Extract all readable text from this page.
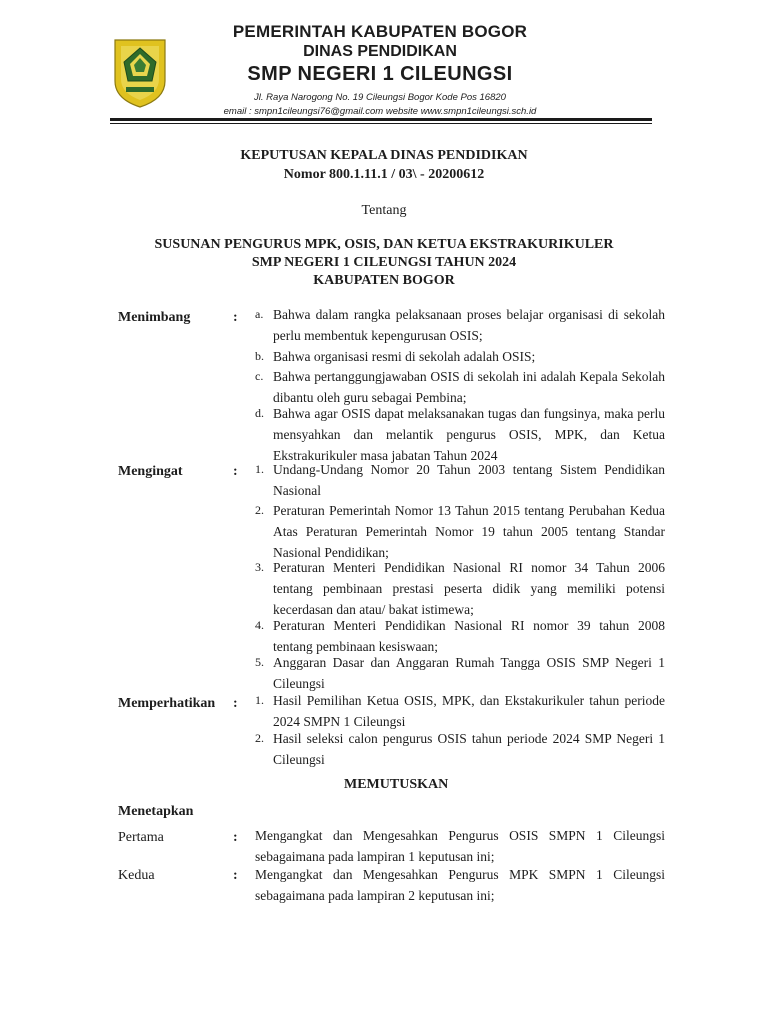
PEMERINTAH KABUPATEN BOGOR
DINAS PENDIDIKAN
SMP NEGERI 1 CILEUNGSI
Jl. Raya Narogong No. 19 Cileungsi Bogor Kode Pos 16820
email : smpn1cileungsi76@gmail.com website www.smpn1cileungsi.sch.id
KEPUTUSAN KEPALA DINAS PENDIDIKAN
Nomor 800.1.11.1 / 03\ - 20200612
Tentang
SUSUNAN PENGURUS MPK, OSIS, DAN KETUA EKSTRAKURIKULER
SMP NEGERI 1 CILEUNGSI TAHUN 2024
KABUPATEN BOGOR
Menimbang	: a. Bahwa dalam rangka pelaksanaan proses belajar organisasi di sekolah perlu membentuk kepengurusan OSIS;
b. Bahwa organisasi resmi di sekolah adalah OSIS;
c. Bahwa pertanggungjawaban OSIS di sekolah ini adalah Kepala Sekolah dibantu oleh guru sebagai Pembina;
d. Bahwa agar OSIS dapat melaksanakan tugas dan fungsinya, maka perlu mensyahkan dan melantik pengurus OSIS, MPK, dan Ketua Ekstrakurikuler masa jabatan Tahun 2024
Mengingat	: 1. Undang-Undang Nomor 20 Tahun 2003 tentang Sistem Pendidikan Nasional
2. Peraturan Pemerintah Nomor 13 Tahun 2015 tentang Perubahan Kedua Atas Peraturan Pemerintah Nomor 19 tahun 2005 tentang Standar Nasional Pendidikan;
3. Peraturan Menteri Pendidikan Nasional RI nomor 34 Tahun 2006 tentang pembinaan prestasi peserta didik yang memiliki potensi kecerdasan dan atau/ bakat istimewa;
4. Peraturan Menteri Pendidikan Nasional RI nomor 39 tahun 2008 tentang pembinaan kesiswaan;
5. Anggaran Dasar dan Anggaran Rumah Tangga OSIS SMP Negeri 1 Cileungsi
Memperhatikan : 1. Hasil Pemilihan Ketua OSIS, MPK, dan Ekstakurikuler tahun periode 2024 SMPN 1 Cileungsi
2. Hasil seleksi calon pengurus OSIS tahun periode 2024 SMP Negeri 1 Cileungsi
MEMUTUSKAN
Menetapkan
Pertama	: Mengangkat dan Mengesahkan Pengurus OSIS SMPN 1 Cileungsi sebagaimana pada lampiran 1 keputusan ini;
Kedua	: Mengangkat dan Mengesahkan Pengurus MPK SMPN 1 Cileungsi sebagaimana pada lampiran 2 keputusan ini;
